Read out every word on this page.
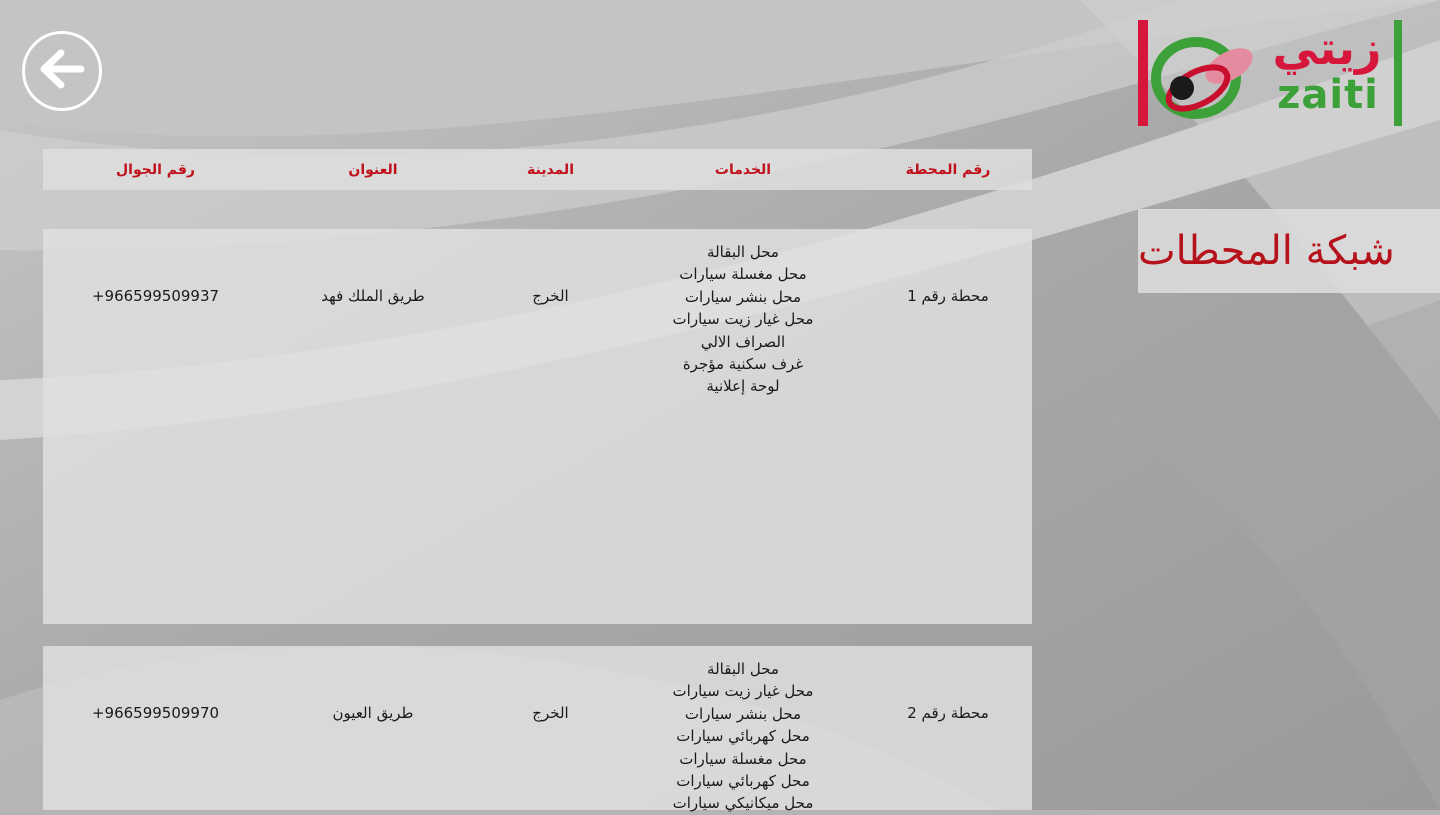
زيتي
zaiti
شبكة المحطات
رقم المحطة
الخدمات
المدينة
العنوان
رقم الجوال
محطة رقم 1
محل البقالة
محل مغسلة سيارات
محل بنشر سيارات
محل غيار زيت سيارات
الصراف الالي
غرف سكنية مؤجرة
لوحة إعلانية
الخرج
طريق الملك فهد
+966599509937
محطة رقم 2
محل البقالة
محل غيار زيت سيارات
محل بنشر سيارات
محل كهربائي سيارات
محل مغسلة سيارات
محل كهربائي سيارات
محل ميكانيكي سيارات
الخرج
طريق العيون
+966599509970
